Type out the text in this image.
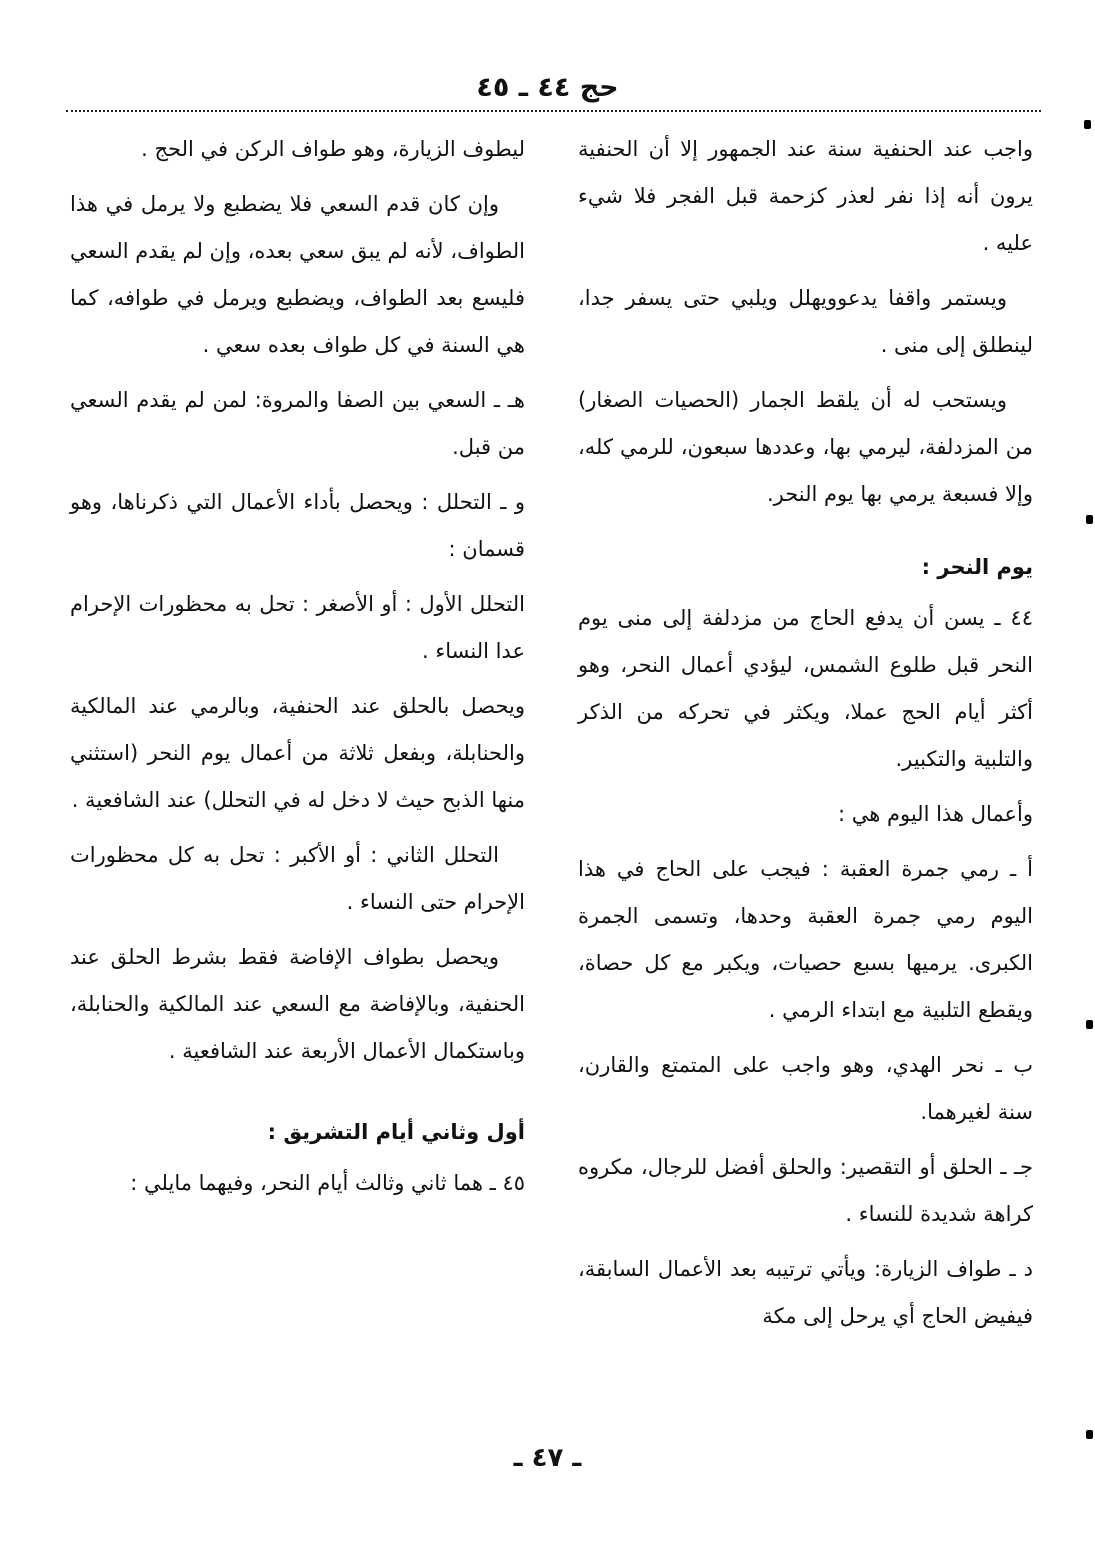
حج ٤٤ ـ ٤٥

واجب عند الحنفية سنة عند الجمهور إلا أن الحنفية يرون أنه إذا نفر لعذر كزحمة قبل الفجر فلا شيء عليه .

ويستمر واقفا يدعوويهلل ويلبي حتى يسفر جدا، لينطلق إلى منى .

ويستحب له أن يلقط الجمار (الحصيات الصغار) من المزدلفة، ليرمي بها، وعددها سبعون، للرمي كله، وإلا فسبعة يرمي بها يوم النحر.

يوم النحر :

٤٤ ـ يسن أن يدفع الحاج من مزدلفة إلى منى يوم النحر قبل طلوع الشمس، ليؤدي أعمال النحر، وهو أكثر أيام الحج عملا، ويكثر في تحركه من الذكر والتلبية والتكبير.

وأعمال هذا اليوم هي :

أ ـ رمي جمرة العقبة : فيجب على الحاج في هذا اليوم رمي جمرة العقبة وحدها، وتسمى الجمرة الكبرى. يرميها بسبع حصيات، ويكبر مع كل حصاة، ويقطع التلبية مع ابتداء الرمي .

ب ـ نحر الهدي، وهو واجب على المتمتع والقارن، سنة لغيرهما.

جـ ـ الحلق أو التقصير: والحلق أفضل للرجال، مكروه كراهة شديدة للنساء .

د ـ طواف الزيارة: ويأتي ترتيبه بعد الأعمال السابقة، فيفيض الحاج أي يرحل إلى مكة

ليطوف الزيارة، وهو طواف الركن في الحج .

وإن كان قدم السعي فلا يضطبع ولا يرمل في هذا الطواف، لأنه لم يبق سعي بعده، وإن لم يقدم السعي فليسع بعد الطواف، ويضطبع ويرمل في طوافه، كما هي السنة في كل طواف بعده سعي .

هـ ـ السعي بين الصفا والمروة: لمن لم يقدم السعي من قبل.

و ـ التحلل : ويحصل بأداء الأعمال التي ذكرناها، وهو قسمان :

التحلل الأول : أو الأصغر : تحل به محظورات الإحرام عدا النساء .

ويحصل بالحلق عند الحنفية، وبالرمي عند المالكية والحنابلة، وبفعل ثلاثة من أعمال يوم النحر (استثني منها الذبح حيث لا دخل له في التحلل) عند الشافعية .

التحلل الثاني : أو الأكبر : تحل به كل محظورات الإحرام حتى النساء .

ويحصل بطواف الإفاضة فقط بشرط الحلق عند الحنفية، وبالإفاضة مع السعي عند المالكية والحنابلة، وباستكمال الأعمال الأربعة عند الشافعية .

أول وثاني أيام التشريق :

٤٥ ـ هما ثاني وثالث أيام النحر، وفيهما مايلي :

ـ ٤٧ ـ
